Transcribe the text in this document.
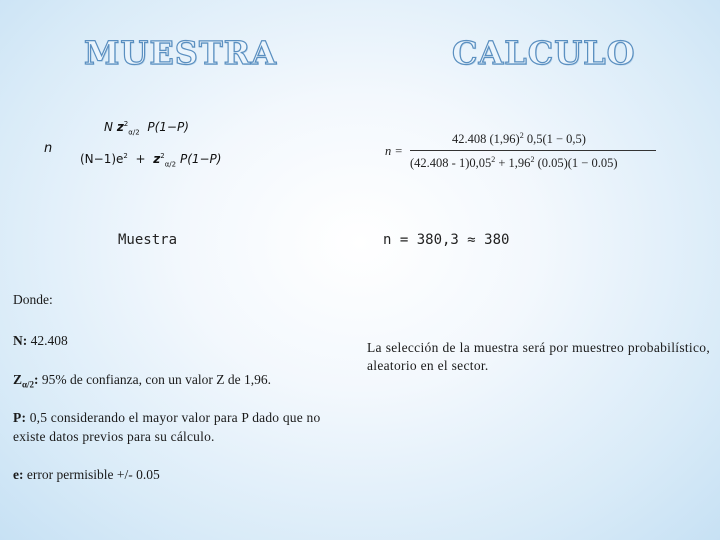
MUESTRA	CALCULO
n
N $z^2_{\alpha/2}$ P(1−P)
$(N-1)e^2 + z^2_{\alpha/2}$ P(1−P)
n =
42.408 $(1,96)^2$ 0,5(1 − 0,5)
$(42.408 - 1)0,05^2 + 1,96^2$ (0.05)(1 − 0.05)
Muestra	n = 380,3 ≈ 380
Donde:
N: 42.408
$Z_{\alpha/2}$: 95% de confianza, con un valor Z de 1,96.
P: 0,5 considerando el mayor valor para P dado que no existe datos previos para su cálculo.
e: error permisible +/- 0.05
La selección de la muestra será por muestreo probabilístico, aleatorio en el sector.
